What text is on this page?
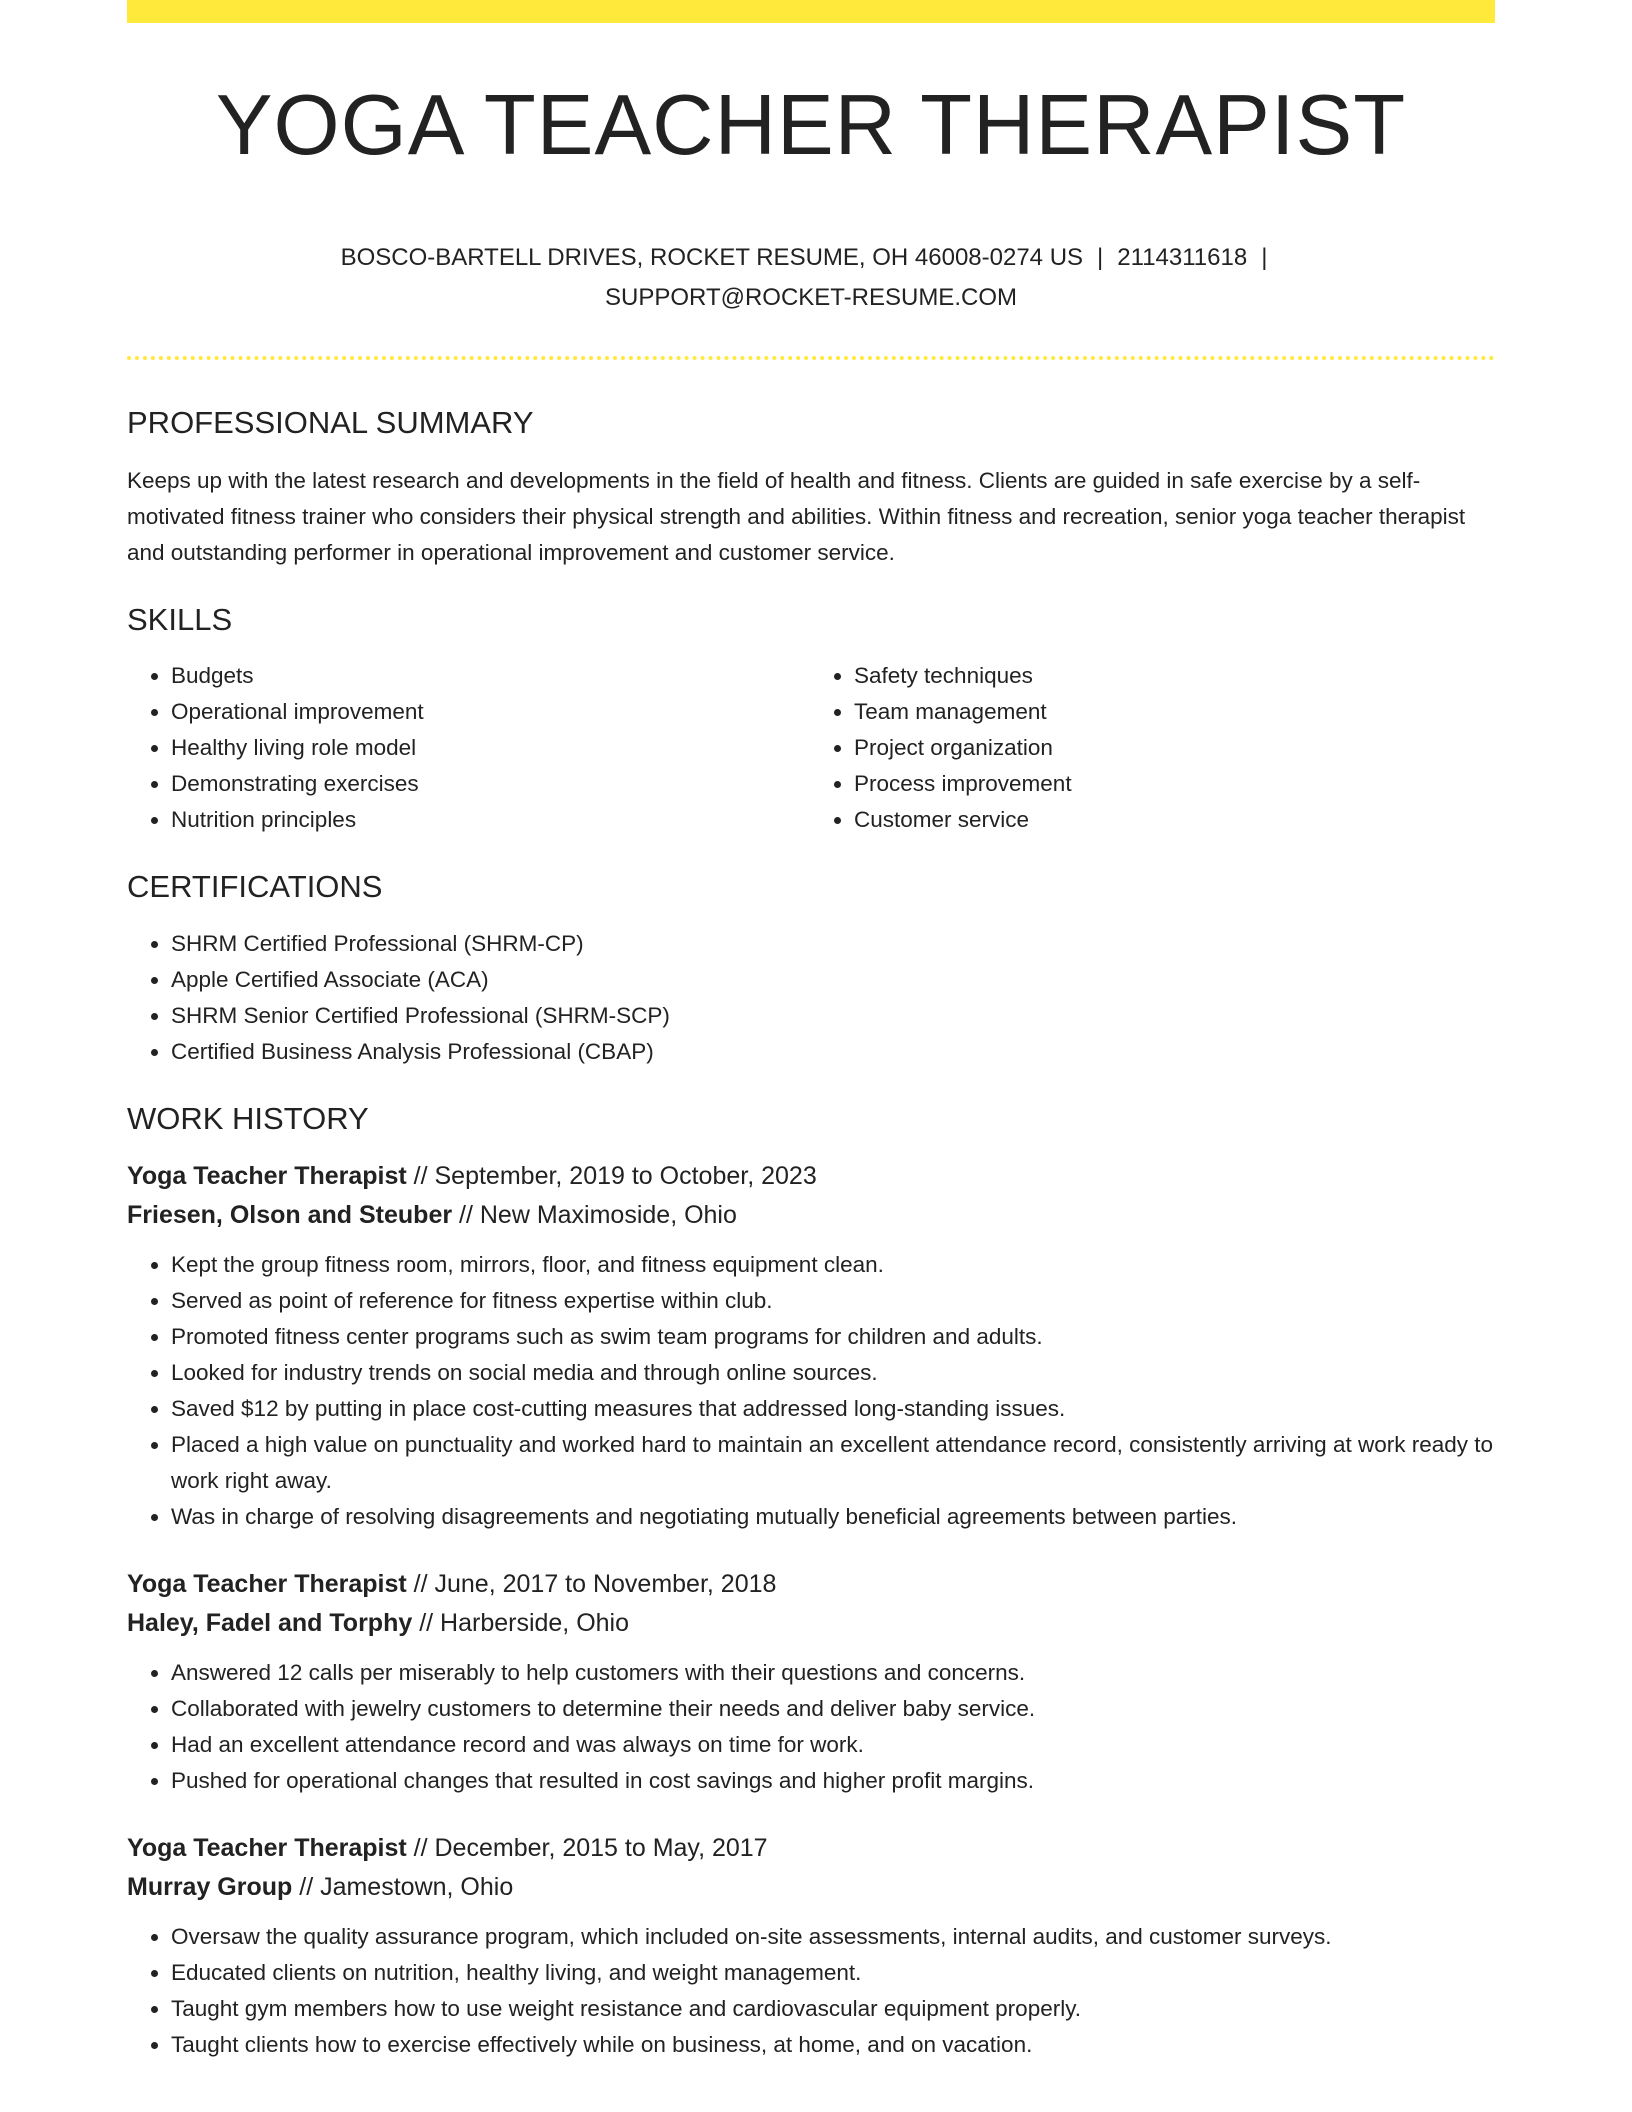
YOGA TEACHER THERAPIST
BOSCO-BARTELL DRIVES, ROCKET RESUME, OH 46008-0274 US | 2114311618 |
SUPPORT@ROCKET-RESUME.COM
PROFESSIONAL SUMMARY
Keeps up with the latest research and developments in the field of health and fitness. Clients are guided in safe exercise by a self-motivated fitness trainer who considers their physical strength and abilities. Within fitness and recreation, senior yoga teacher therapist and outstanding performer in operational improvement and customer service.
SKILLS
• Budgets
• Operational improvement
• Healthy living role model
• Demonstrating exercises
• Nutrition principles
• Safety techniques
• Team management
• Project organization
• Process improvement
• Customer service
CERTIFICATIONS
• SHRM Certified Professional (SHRM-CP)
• Apple Certified Associate (ACA)
• SHRM Senior Certified Professional (SHRM-SCP)
• Certified Business Analysis Professional (CBAP)
WORK HISTORY
Yoga Teacher Therapist // September, 2019 to October, 2023
Friesen, Olson and Steuber // New Maximoside, Ohio
• Kept the group fitness room, mirrors, floor, and fitness equipment clean.
• Served as point of reference for fitness expertise within club.
• Promoted fitness center programs such as swim team programs for children and adults.
• Looked for industry trends on social media and through online sources.
• Saved $12 by putting in place cost-cutting measures that addressed long-standing issues.
• Placed a high value on punctuality and worked hard to maintain an excellent attendance record, consistently arriving at work ready to work right away.
• Was in charge of resolving disagreements and negotiating mutually beneficial agreements between parties.
Yoga Teacher Therapist // June, 2017 to November, 2018
Haley, Fadel and Torphy // Harberside, Ohio
• Answered 12 calls per miserably to help customers with their questions and concerns.
• Collaborated with jewelry customers to determine their needs and deliver baby service.
• Had an excellent attendance record and was always on time for work.
• Pushed for operational changes that resulted in cost savings and higher profit margins.
Yoga Teacher Therapist // December, 2015 to May, 2017
Murray Group // Jamestown, Ohio
• Oversaw the quality assurance program, which included on-site assessments, internal audits, and customer surveys.
• Educated clients on nutrition, healthy living, and weight management.
• Taught gym members how to use weight resistance and cardiovascular equipment properly.
• Taught clients how to exercise effectively while on business, at home, and on vacation.
